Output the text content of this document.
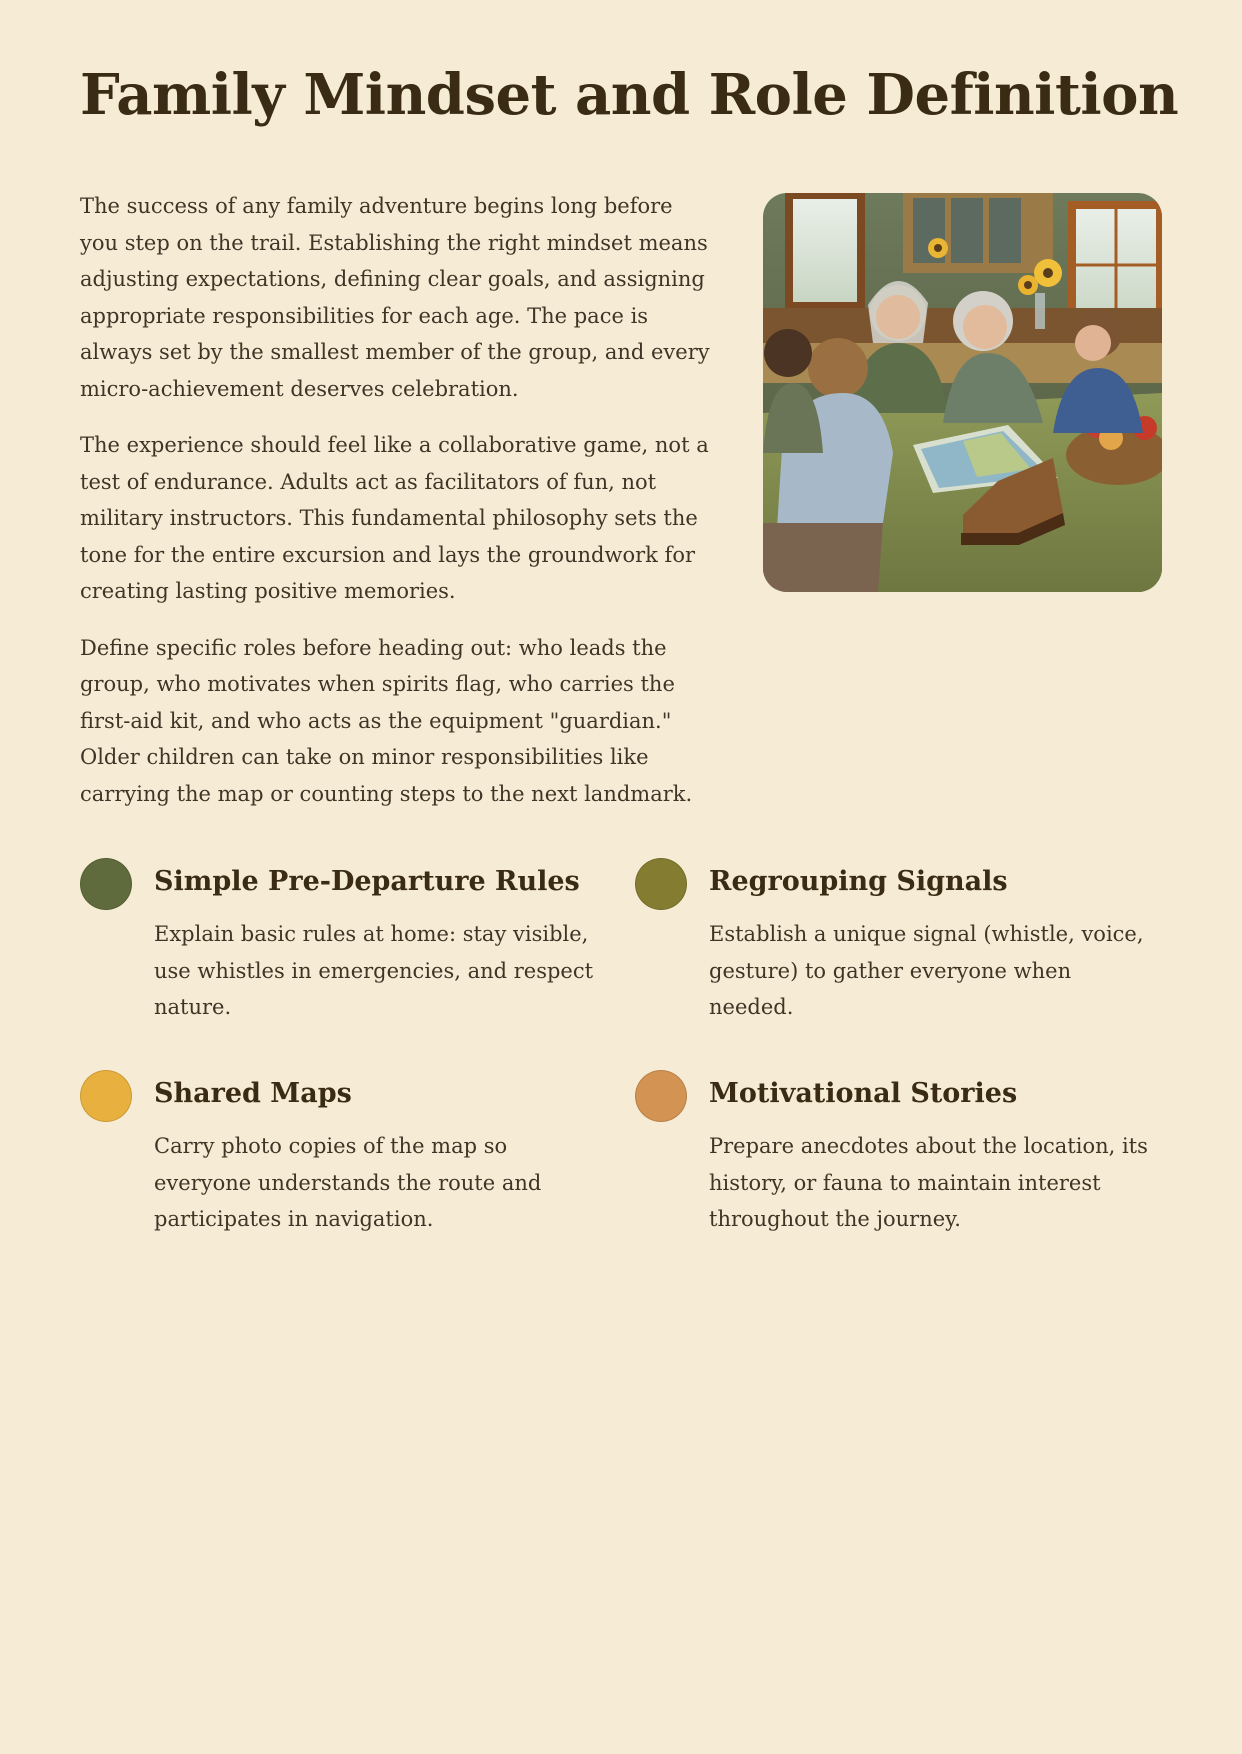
Family Mindset and Role Definition

The success of any family adventure begins long before you step on the trail. Establishing the right mindset means adjusting expectations, defining clear goals, and assigning appropriate responsibilities for each age. The pace is always set by the smallest member of the group, and every micro-achievement deserves celebration.

The experience should feel like a collaborative game, not a test of endurance. Adults act as facilitators of fun, not military instructors. This fundamental philosophy sets the tone for the entire excursion and lays the groundwork for creating lasting positive memories.

Define specific roles before heading out: who leads the group, who motivates when spirits flag, who carries the first-aid kit, and who acts as the equipment "guardian." Older children can take on minor responsibilities like carrying the map or counting steps to the next landmark.

Simple Pre-Departure Rules

Explain basic rules at home: stay visible, use whistles in emergencies, and respect nature.

Regrouping Signals

Establish a unique signal (whistle, voice, gesture) to gather everyone when needed.

Shared Maps

Carry photo copies of the map so everyone understands the route and participates in navigation.

Motivational Stories

Prepare anecdotes about the location, its history, or fauna to maintain interest throughout the journey.
